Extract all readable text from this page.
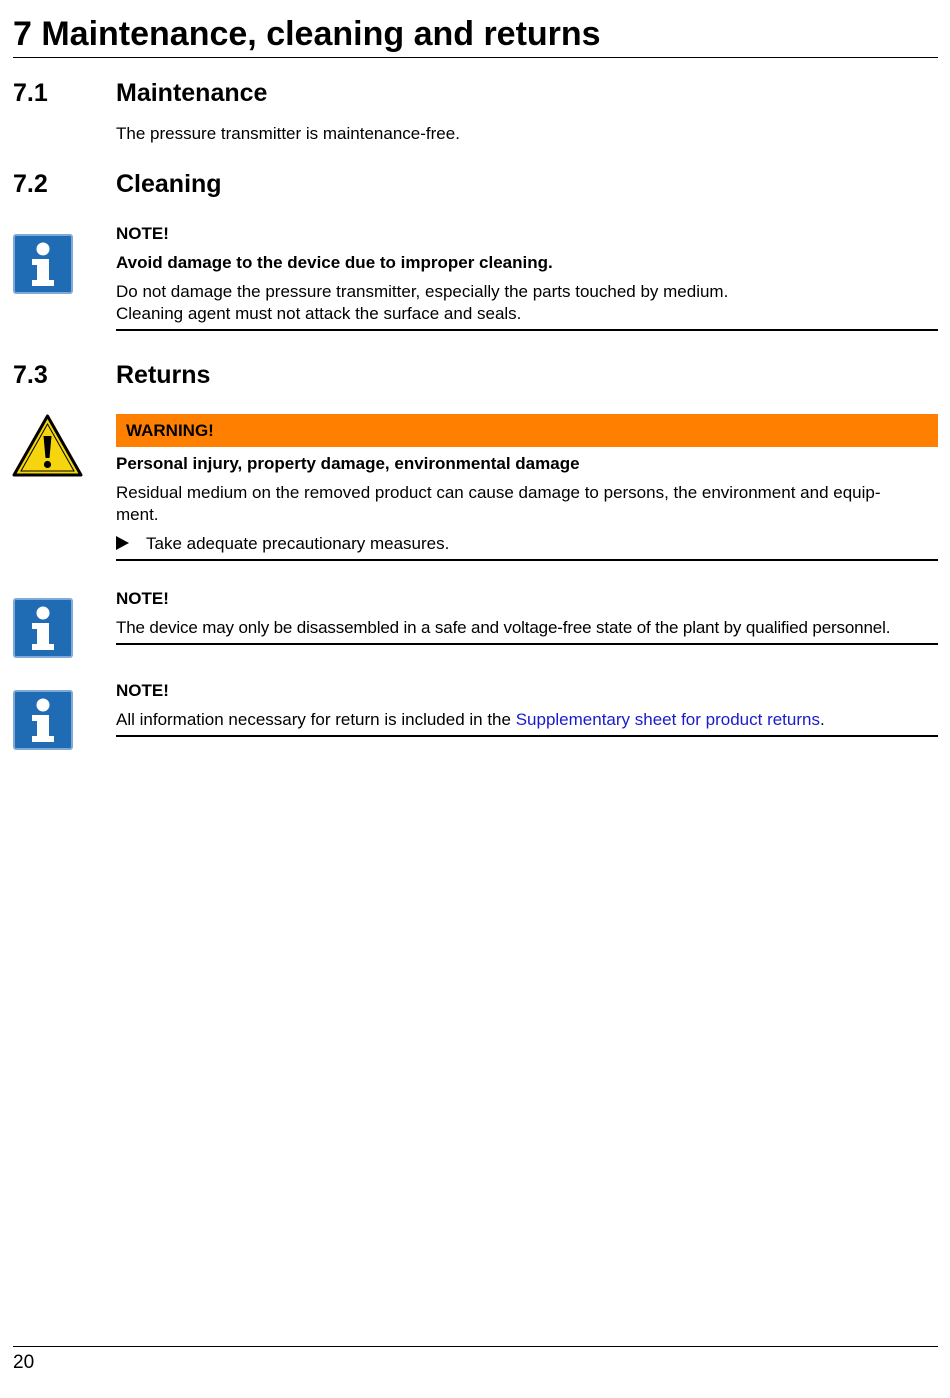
7 Maintenance, cleaning and returns
7.1	Maintenance
The pressure transmitter is maintenance-free.
7.2	Cleaning
NOTE!
Avoid damage to the device due to improper cleaning.
Do not damage the pressure transmitter, especially the parts touched by medium.
Cleaning agent must not attack the surface and seals.
7.3	Returns
WARNING!
Personal injury, property damage, environmental damage
Residual medium on the removed product can cause damage to persons, the environment and equip-
ment.
Take adequate precautionary measures.
NOTE!
The device may only be disassembled in a safe and voltage-free state of the plant by qualified personnel.
NOTE!
All information necessary for return is included in the Supplementary sheet for product returns.
20
